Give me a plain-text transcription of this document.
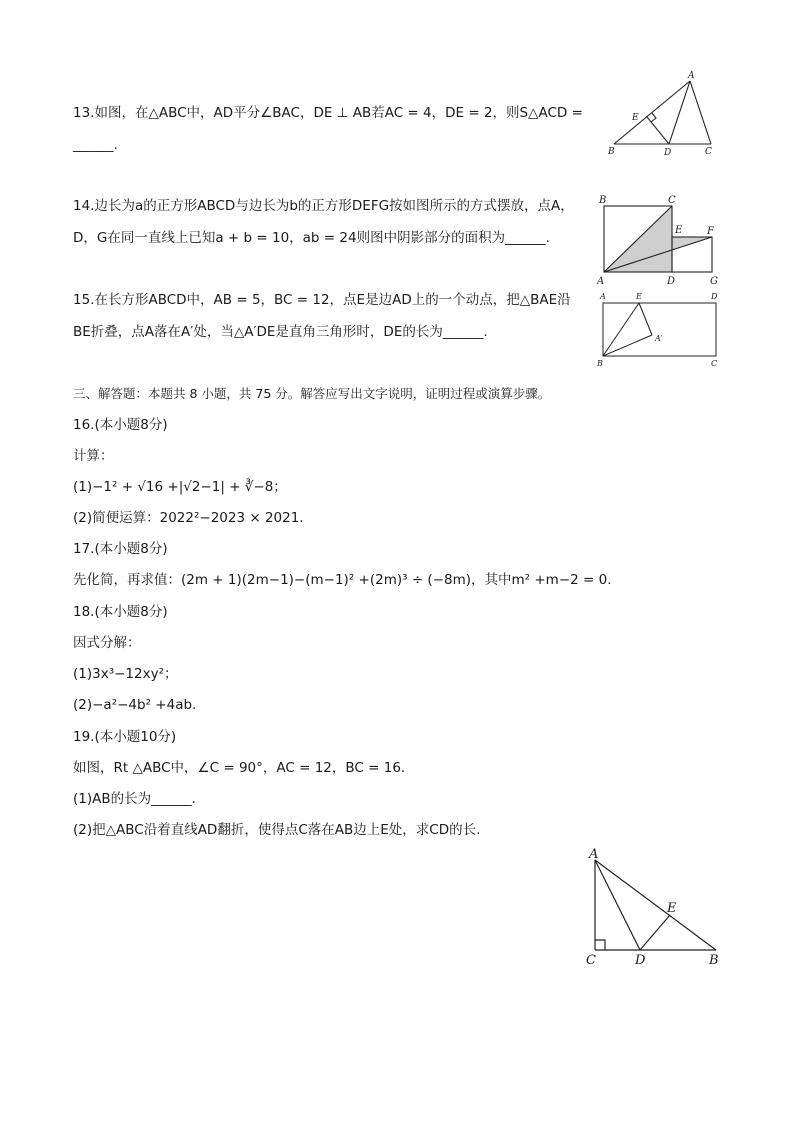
13.如图，在△ABC中，AD平分∠BAC，DE ⊥ AB若AC = 4，DE = 2，则S△ACD =
______.
A
B	C
D
E
14.边长为a的正方形ABCD与边长为b的正方形DEFG按如图所示的方式摆放，点A，
D，G在同一直线上已知a + b = 10，ab = 24则图中阴影部分的面积为______.
B	C
E F
A	D	G
15.在长方形ABCD中，AB = 5，BC = 12，点E是边AD上的一个动点，把△BAE沿
BE折叠，点A落在A′处，当△A′DE是直角三角形时，DE的长为______.
A	E	D
A′
B	C
三、解答题：本题共 8 小题，共 75 分。解答应写出文字说明，证明过程或演算步骤。
16.(本小题8分)
计算：
(1)−1² + √16 +|√2−1| + ∛−8；
(2)简便运算：2022²−2023 × 2021.
17.(本小题8分)
先化简，再求值：(2m + 1)(2m−1)−(m−1)² +(2m)³ ÷ (−8m)，其中m² +m−2 = 0.
18.(本小题8分)
因式分解：
(1)3x³−12xy²；
(2)−a²−4b² +4ab.
19.(本小题10分)
如图，Rt △ABC中，∠C = 90°，AC = 12，BC = 16.
(1)AB的长为______.
(2)把△ABC沿着直线AD翻折，使得点C落在AB边上E处，求CD的长.
A
C	D	B
E
